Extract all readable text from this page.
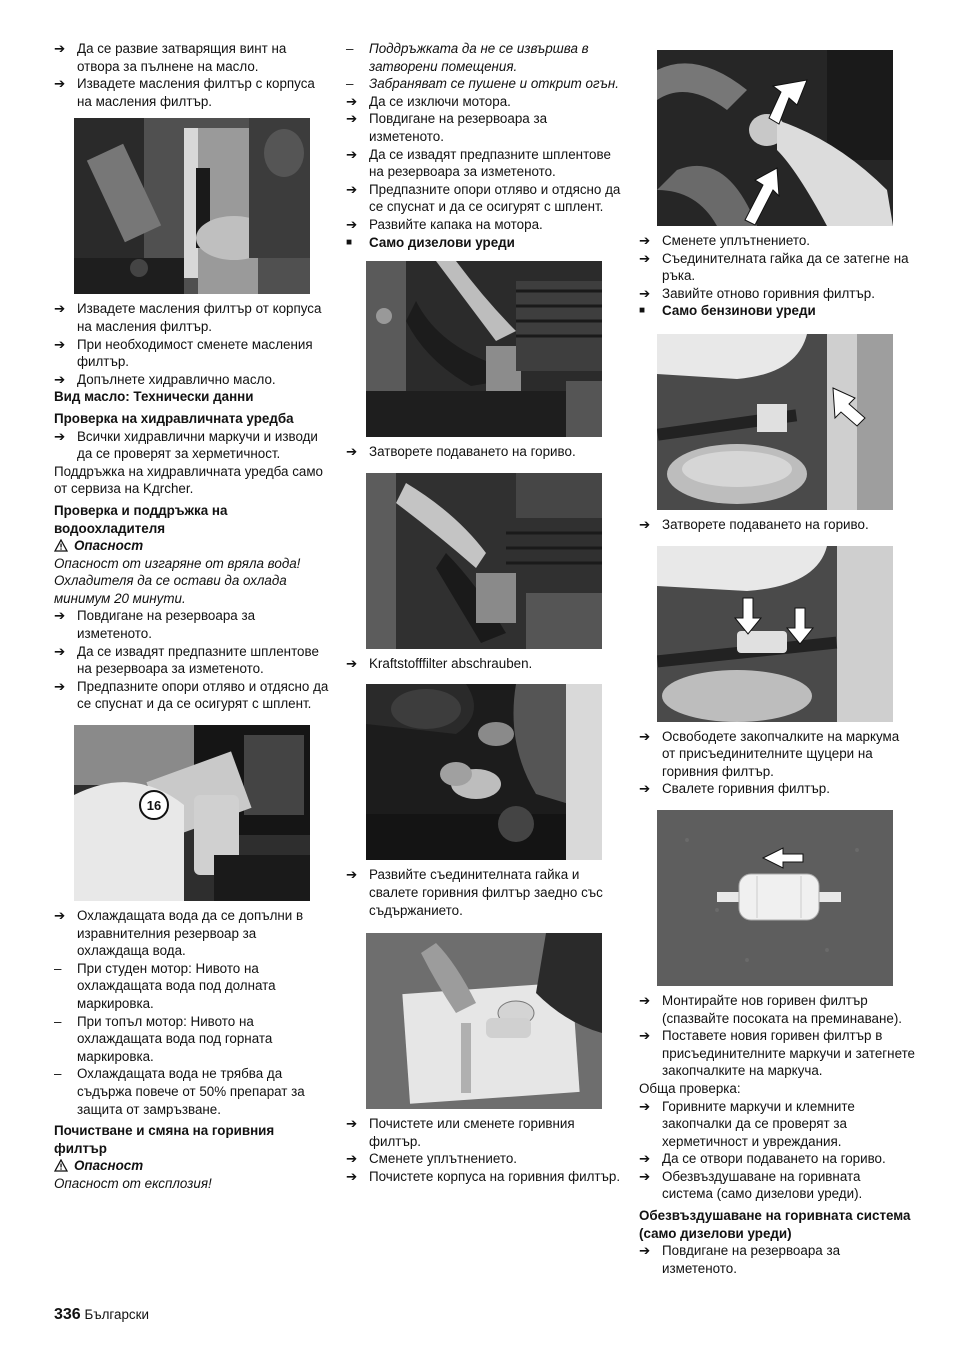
➔ Да се развие затварящия винт на отвора за пълнене на масло.

➔ Извадете масления филтър с корпуса на масления филтър.

➔ Извадете масления филтър от корпуса на масления филтър.

➔ При необходимост сменете масления филтър.

➔ Допълнете хидравлично масло.

Вид масло: Технически данни

Проверка на хидравличната уредба

➔ Всички хидравлични маркучи и изводи да се проверят за херметичност.

Поддръжка на хидравличната уредба само от сервиза на Kдrcher.

Проверка и поддръжка на водоохладителя

Опасност

Опасност от изгаряне от вряла вода! Охладителя да се остави да охлада минимум 20 минути.

➔ Повдигане на резервоара за изметеното.

➔ Да се извадят предпазните шплентове на резервоара за изметеното.

➔ Предпазните опори отляво и отдясно да се спуснат и да се осигурят с шплент.

16

➔ Охлаждащата вода да се допълни в изравнителния резервоар за охлаждаща вода.

–	При студен мотор: Нивото на охлаждащата вода под долната маркировка.

–	При топъл мотор: Нивото на охлаждащата вода под горната маркировка.

–	Охлаждащата вода не трябва да съдържа повече от 50% препарат за защита от замръзване.

Почистване и смяна на горивния филтър

Опасност

Опасност от експлозия!

–	Поддръжката да не се извършва в затворени помещения.

–	Забраняват се пушене и открит огън.

➔ Да се изключи мотора.

➔ Повдигане на резервоара за изметеното.

➔ Да се извадят предпазните шплентове на резервоара за изметеното.

➔ Предпазните опори отляво и отдясно да се спуснат и да се осигурят с шплент.

➔ Развийте капака на мотора.

■	Само дизелови уреди

➔ Затворете подаването на гориво.

➔ Kraftstofffilter abschrauben.

➔ Развийте съединителната гайка и свалете горивния филтър заедно със съдържанието.

➔ Почистете или сменете горивния филтър.

➔ Сменете уплътнението.

➔ Почистете корпуса на горивния филтър.

➔ Сменете уплътнението.

➔ Съединителната гайка да се затегне на ръка.

➔ Завийте отново горивния филтър.

■	Само бензинови уреди

➔ Затворете подаването на гориво.

➔ Освободете закопчалките на маркума от присъединителните щуцери на горивния филтър.

➔ Свалете горивния филтър.

➔ Монтирайте нов горивен филтър (спазвайте посоката на преминаване).

➔ Поставете новия горивен филтър в присъединителните маркучи и затегнете закопчалките на маркуча.

Обща проверка:

➔ Горивните маркучи и клемните закопчалки да се проверят за херметичност и увреждания.

➔ Да се отвори подаването на гориво.

➔ Обезвъздушаване на горивната система (само дизелови уреди).

Обезвъздушаване на горивната система (само дизелови уреди)

➔ Повдигане на резервоара за изметеното.

336 Български
